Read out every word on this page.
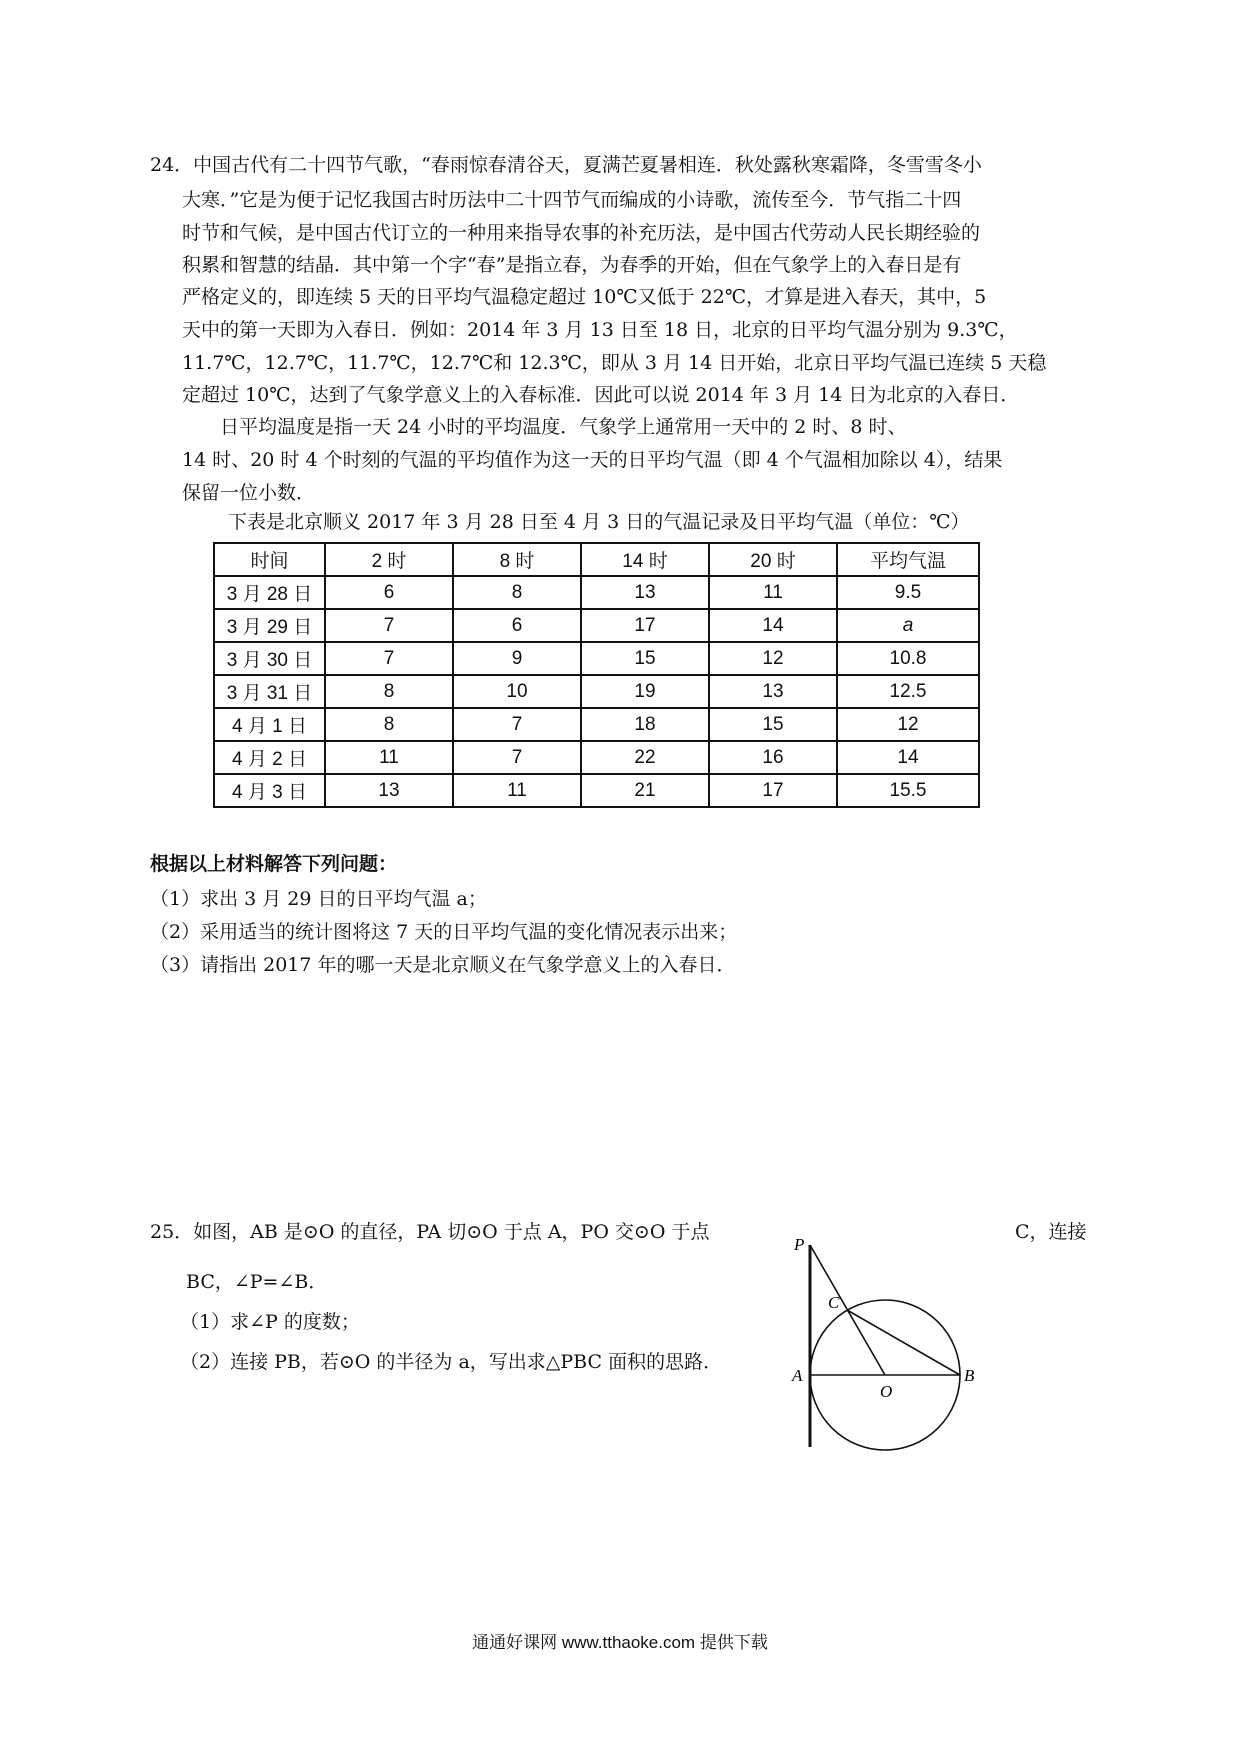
24．中国古代有二十四节气歌，“春雨惊春清谷天，夏满芒夏暑相连．秋处露秋寒霜降，冬雪雪冬小
大寒．”它是为便于记忆我国古时历法中二十四节气而编成的小诗歌，流传至今．节气指二十四
时节和气候，是中国古代订立的一种用来指导农事的补充历法，是中国古代劳动人民长期经验的
积累和智慧的结晶．其中第一个字“春”是指立春，为春季的开始，但在气象学上的入春日是有
严格定义的，即连续 5 天的日平均气温稳定超过 10℃又低于 22℃，才算是进入春天，其中，5
天中的第一天即为入春日．例如：2014 年 3 月 13 日至 18 日，北京的日平均气温分别为 9.3℃，
11.7℃，12.7℃，11.7℃，12.7℃和 12.3℃，即从 3 月 14 日开始，北京日平均气温已连续 5 天稳
定超过 10℃，达到了气象学意义上的入春标准．因此可以说 2014 年 3 月 14 日为北京的入春日．
　　日平均温度是指一天 24 小时的平均温度．气象学上通常用一天中的 2 时、8 时、
14 时、20 时 4 个时刻的气温的平均值作为这一天的日平均气温（即 4 个气温相加除以 4），结果
保留一位小数．
下表是北京顺义 2017 年 3 月 28 日至 4 月 3 日的气温记录及日平均气温（单位：℃）
时间	2 时	8 时	14 时	20 时	平均气温
3 月 28 日	6	8	13	11	9.5
3 月 29 日	7	6	17	14	a
3 月 30 日	7	9	15	12	10.8
3 月 31 日	8	10	19	13	12.5
4 月 1 日	8	7	18	15	12
4 月 2 日	11	7	22	16	14
4 月 3 日	13	11	21	17	15.5
根据以上材料解答下列问题：
（1）求出 3 月 29 日的日平均气温 a；
（2）采用适当的统计图将这 7 天的日平均气温的变化情况表示出来；
（3）请指出 2017 年的哪一天是北京顺义在气象学意义上的入春日．
25．如图，AB 是⊙O 的直径，PA 切⊙O 于点 A，PO 交⊙O 于点	C，连接
BC，∠P=∠B．
（1）求∠P 的度数；
（2）连接 PB，若⊙O 的半径为 a，写出求△PBC 面积的思路．
P
C
A
O
B
通通好课网 www.tthaoke.com 提供下载
